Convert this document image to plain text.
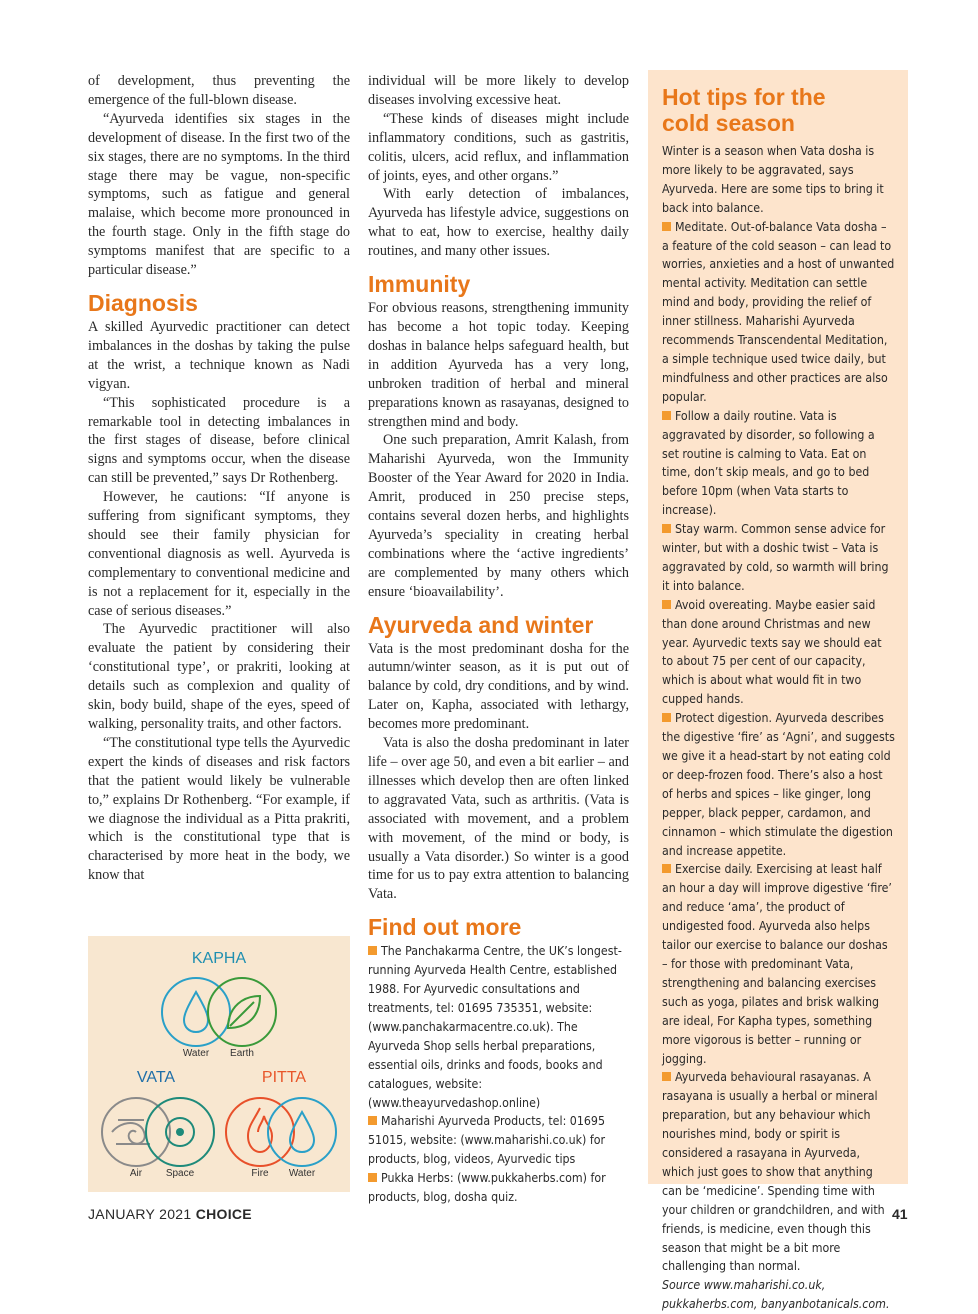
of development, thus preventing the emergence of the full-blown disease.

“Ayurveda identifies six stages in the development of disease. In the first two of the six stages, there are no symptoms. In the third stage there may be vague, non-specific symptoms, such as fatigue and general malaise, which become more pronounced in the fourth stage. Only in the fifth stage do symptoms manifest that are specific to a particular disease.”

Diagnosis

A skilled Ayurvedic practitioner can detect imbalances in the doshas by taking the pulse at the wrist, a technique known as Nadi vigyan.

“This sophisticated procedure is a remarkable tool in detecting imbalances in the first stages of disease, before clinical signs and symptoms occur, when the disease can still be prevented,” says Dr Rothenberg.

However, he cautions: “If anyone is suffering from significant symptoms, they should see their family physician for conventional diagnosis as well. Ayurveda is complementary to conventional medicine and is not a replacement for it, especially in the case of serious diseases.”

The Ayurvedic practitioner will also evaluate the patient by considering their ‘constitutional type’, or prakriti, looking at details such as complexion and quality of skin, body build, shape of the eyes, speed of walking, personality traits, and other factors.

“The constitutional type tells the Ayurvedic expert the kinds of diseases and risk factors that the patient would likely be vulnerable to,” explains Dr Rothenberg. “For example, if we diagnose the individual as a Pitta prakriti, which is the constitutional type that is characterised by more heat in the body, we know that

individual will be more likely to develop diseases involving excessive heat.

“These kinds of diseases might include inflammatory conditions, such as gastritis, colitis, ulcers, acid reflux, and inflammation of joints, eyes, and other organs.”

With early detection of imbalances, Ayurveda has lifestyle advice, suggestions on what to eat, how to exercise, healthy daily routines, and many other issues.

Immunity

For obvious reasons, strengthening immunity has become a hot topic today. Keeping doshas in balance helps safeguard health, but in addition Ayurveda has a very long, unbroken tradition of herbal and mineral preparations known as rasayanas, designed to strengthen mind and body.

One such preparation, Amrit Kalash, from Maharishi Ayurveda, won the Immunity Booster of the Year Award for 2020 in India. Amrit, produced in 250 precise steps, contains several dozen herbs, and highlights Ayurveda’s speciality in creating herbal combinations where the ‘active ingredients’ are complemented by many others which ensure ‘bioavailability’.

Ayurveda and winter

Vata is the most predominant dosha for the autumn/winter season, as it is put out of balance by cold, dry conditions, and by wind. Later on, Kapha, associated with lethargy, becomes more predominant.

Vata is also the dosha predominant in later life – over age 50, and even a bit earlier – and illnesses which develop then are often linked to aggravated Vata, such as arthritis. (Vata is associated with movement, and a problem with movement, of the mind or body, is usually a Vata disorder.) So winter is a good time for us to pay extra attention to balancing Vata.

Find out more

The Panchakarma Centre, the UK’s longest-running Ayurveda Health Centre, established 1988. For Ayurvedic consultations and treatments, tel: 01695 735351, website: (www.panchakarmacentre.co.uk). The Ayurveda Shop sells herbal preparations, essential oils, drinks and foods, books and catalogues, website: (www.theayurvedashop.online)

Maharishi Ayurveda Products, tel: 01695 51015, website: (www.maharishi.co.uk) for products, blog, videos, Ayurvedic tips

Pukka Herbs: (www.pukkaherbs.com) for products, blog, dosha quiz.

Hot tips for the
cold season

Winter is a season when Vata dosha is more likely to be aggravated, says Ayurveda. Here are some tips to bring it back into balance.

Meditate. Out-of-balance Vata dosha – a feature of the cold season – can lead to worries, anxieties and a host of unwanted mental activity. Meditation can settle mind and body, providing the relief of inner stillness. Maharishi Ayurveda recommends Transcendental Meditation, a simple technique used twice daily, but mindfulness and other practices are also popular.

Follow a daily routine. Vata is aggravated by disorder, so following a set routine is calming to Vata. Eat on time, don’t skip meals, and go to bed before 10pm (when Vata starts to increase).

Stay warm. Common sense advice for winter, but with a doshic twist – Vata is aggravated by cold, so warmth will bring it into balance.

Avoid overeating. Maybe easier said than done around Christmas and new year. Ayurvedic texts say we should eat to about 75 per cent of our capacity, which is about what would fit in two cupped hands.

Protect digestion. Ayurveda describes the digestive ‘fire’ as ‘Agni’, and suggests we give it a head-start by not eating cold or deep-frozen food. There’s also a host of herbs and spices – like ginger, long pepper, black pepper, cardamon, and cinnamon – which stimulate the digestion and increase appetite.

Exercise daily. Exercising at least half an hour a day will improve digestive ‘fire’ and reduce ‘ama’, the product of undigested food. Ayurveda also helps tailor our exercise to balance our doshas – for those with predominant Vata, strengthening and balancing exercises such as yoga, pilates and brisk walking are ideal, For Kapha types, something more vigorous is better – running or jogging.

Ayurveda behavioural rasayanas. A rasayana is usually a herbal or mineral preparation, but any behaviour which nourishes mind, body or spirit is considered a rasayana in Ayurveda, which just goes to show that anything can be ‘medicine’. Spending time with your children or grandchildren, and with friends, is medicine, even though this season that might be a bit more challenging than normal.

Source www.maharishi.co.uk, pukkaherbs.com, banyanbotanicals.com.

KAPHA
Water Earth
VATA
Air Space
PITTA
Fire Water
JANUARY 2021 CHOICE	41
